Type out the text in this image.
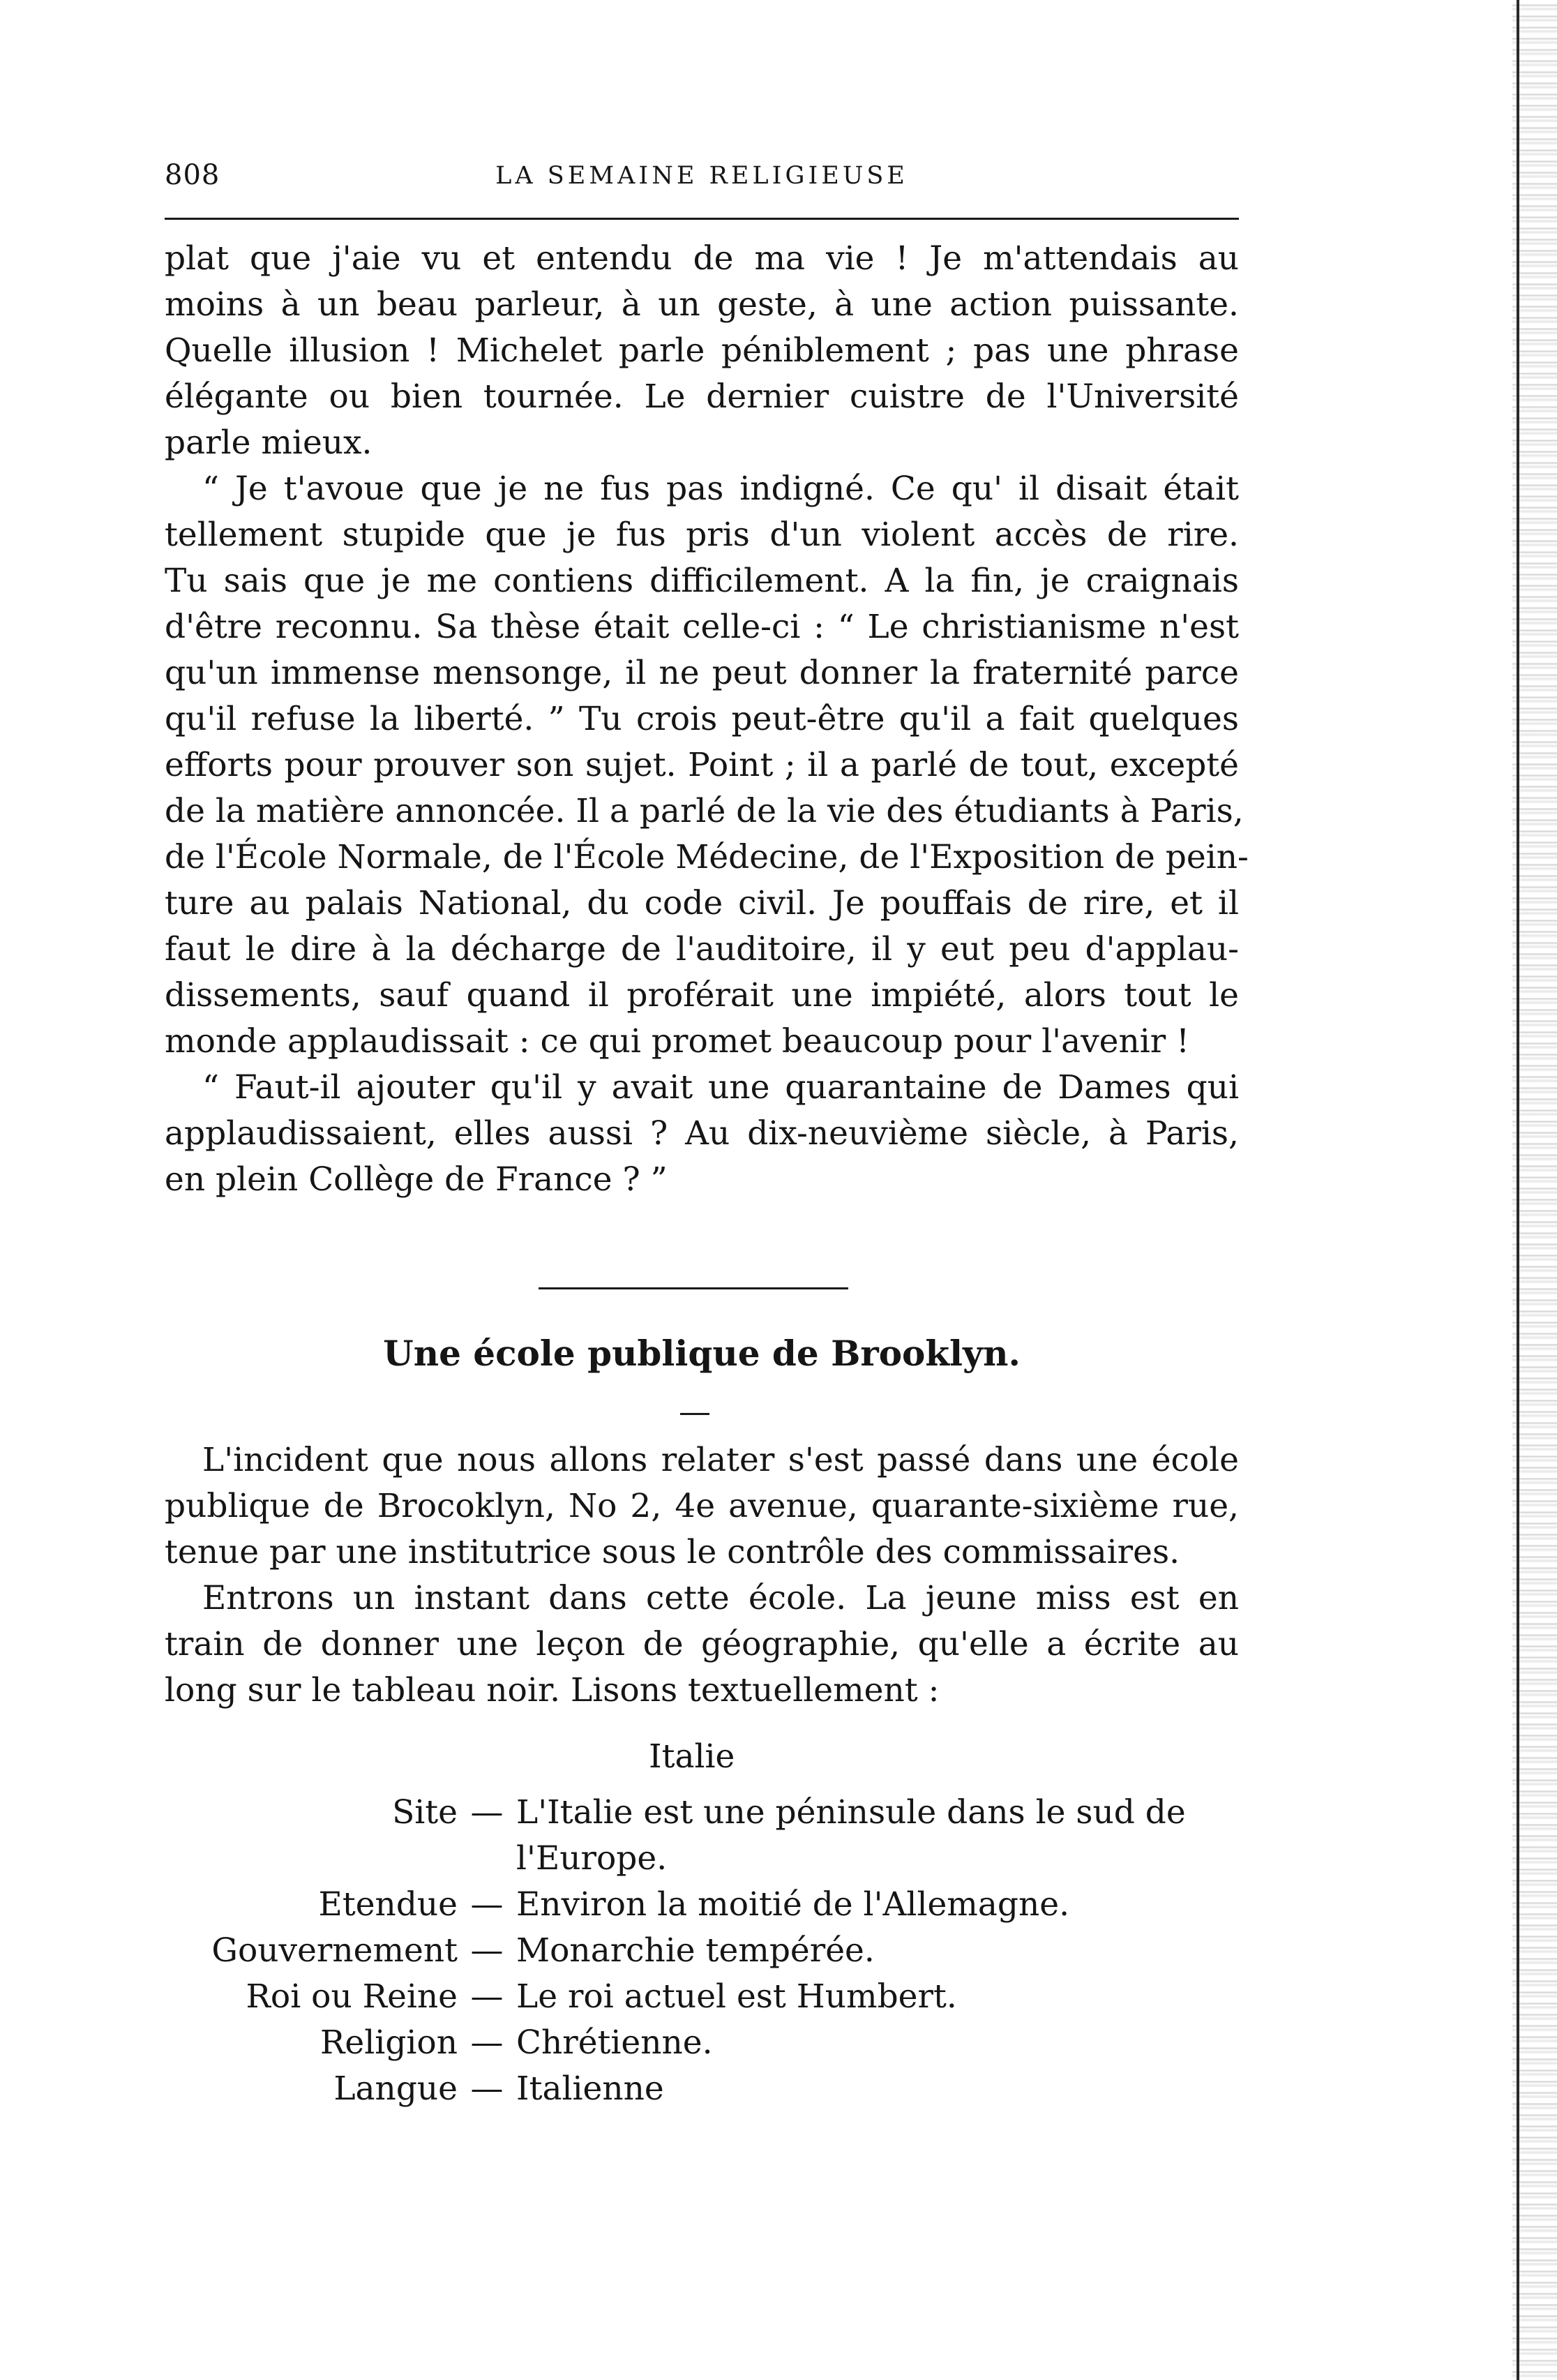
808	LA SEMAINE RELIGIEUSE
plat que j'aie vu et entendu de ma vie ! Je m'attendais au
moins à un beau parleur, à un geste, à une action puissante.
Quelle illusion ! Michelet parle péniblement ; pas une phrase
élégante ou bien tournée. Le dernier cuistre de l'Université
parle mieux.
“ Je t'avoue que je ne fus pas indigné. Ce qu' il disait était
tellement stupide que je fus pris d'un violent accès de rire.
Tu sais que je me contiens difficilement. A la fin, je craignais
d'être reconnu. Sa thèse était celle-ci : “ Le christianisme n'est
qu'un immense mensonge, il ne peut donner la fraternité parce
qu'il refuse la liberté. ” Tu crois peut-être qu'il a fait quelques
efforts pour prouver son sujet. Point ; il a parlé de tout, excepté
de la matière annoncée. Il a parlé de la vie des étudiants à Paris,
de l'École Normale, de l'École Médecine, de l'Exposition de pein-
ture au palais National, du code civil. Je pouffais de rire, et il
faut le dire à la décharge de l'auditoire, il y eut peu d'applau-
dissements, sauf quand il proférait une impiété, alors tout le
monde applaudissait : ce qui promet beaucoup pour l'avenir !
“ Faut-il ajouter qu'il y avait une quarantaine de Dames qui
applaudissaient, elles aussi ? Au dix-neuvième siècle, à Paris,
en plein Collège de France ? ”
Une école publique de Brooklyn.
L'incident que nous allons relater s'est passé dans une école
publique de Brocoklyn, No 2, 4e avenue, quarante-sixième rue,
tenue par une institutrice sous le contrôle des commissaires.
Entrons un instant dans cette école. La jeune miss est en
train de donner une leçon de géographie, qu'elle a écrite au
long sur le tableau noir. Lisons textuellement :
Italie
Site — L'Italie est une péninsule dans le sud de l'Europe.
Etendue — Environ la moitié de l'Allemagne.
Gouvernement — Monarchie tempérée.
Roi ou Reine — Le roi actuel est Humbert.
Religion — Chrétienne.
Langue — Italienne
